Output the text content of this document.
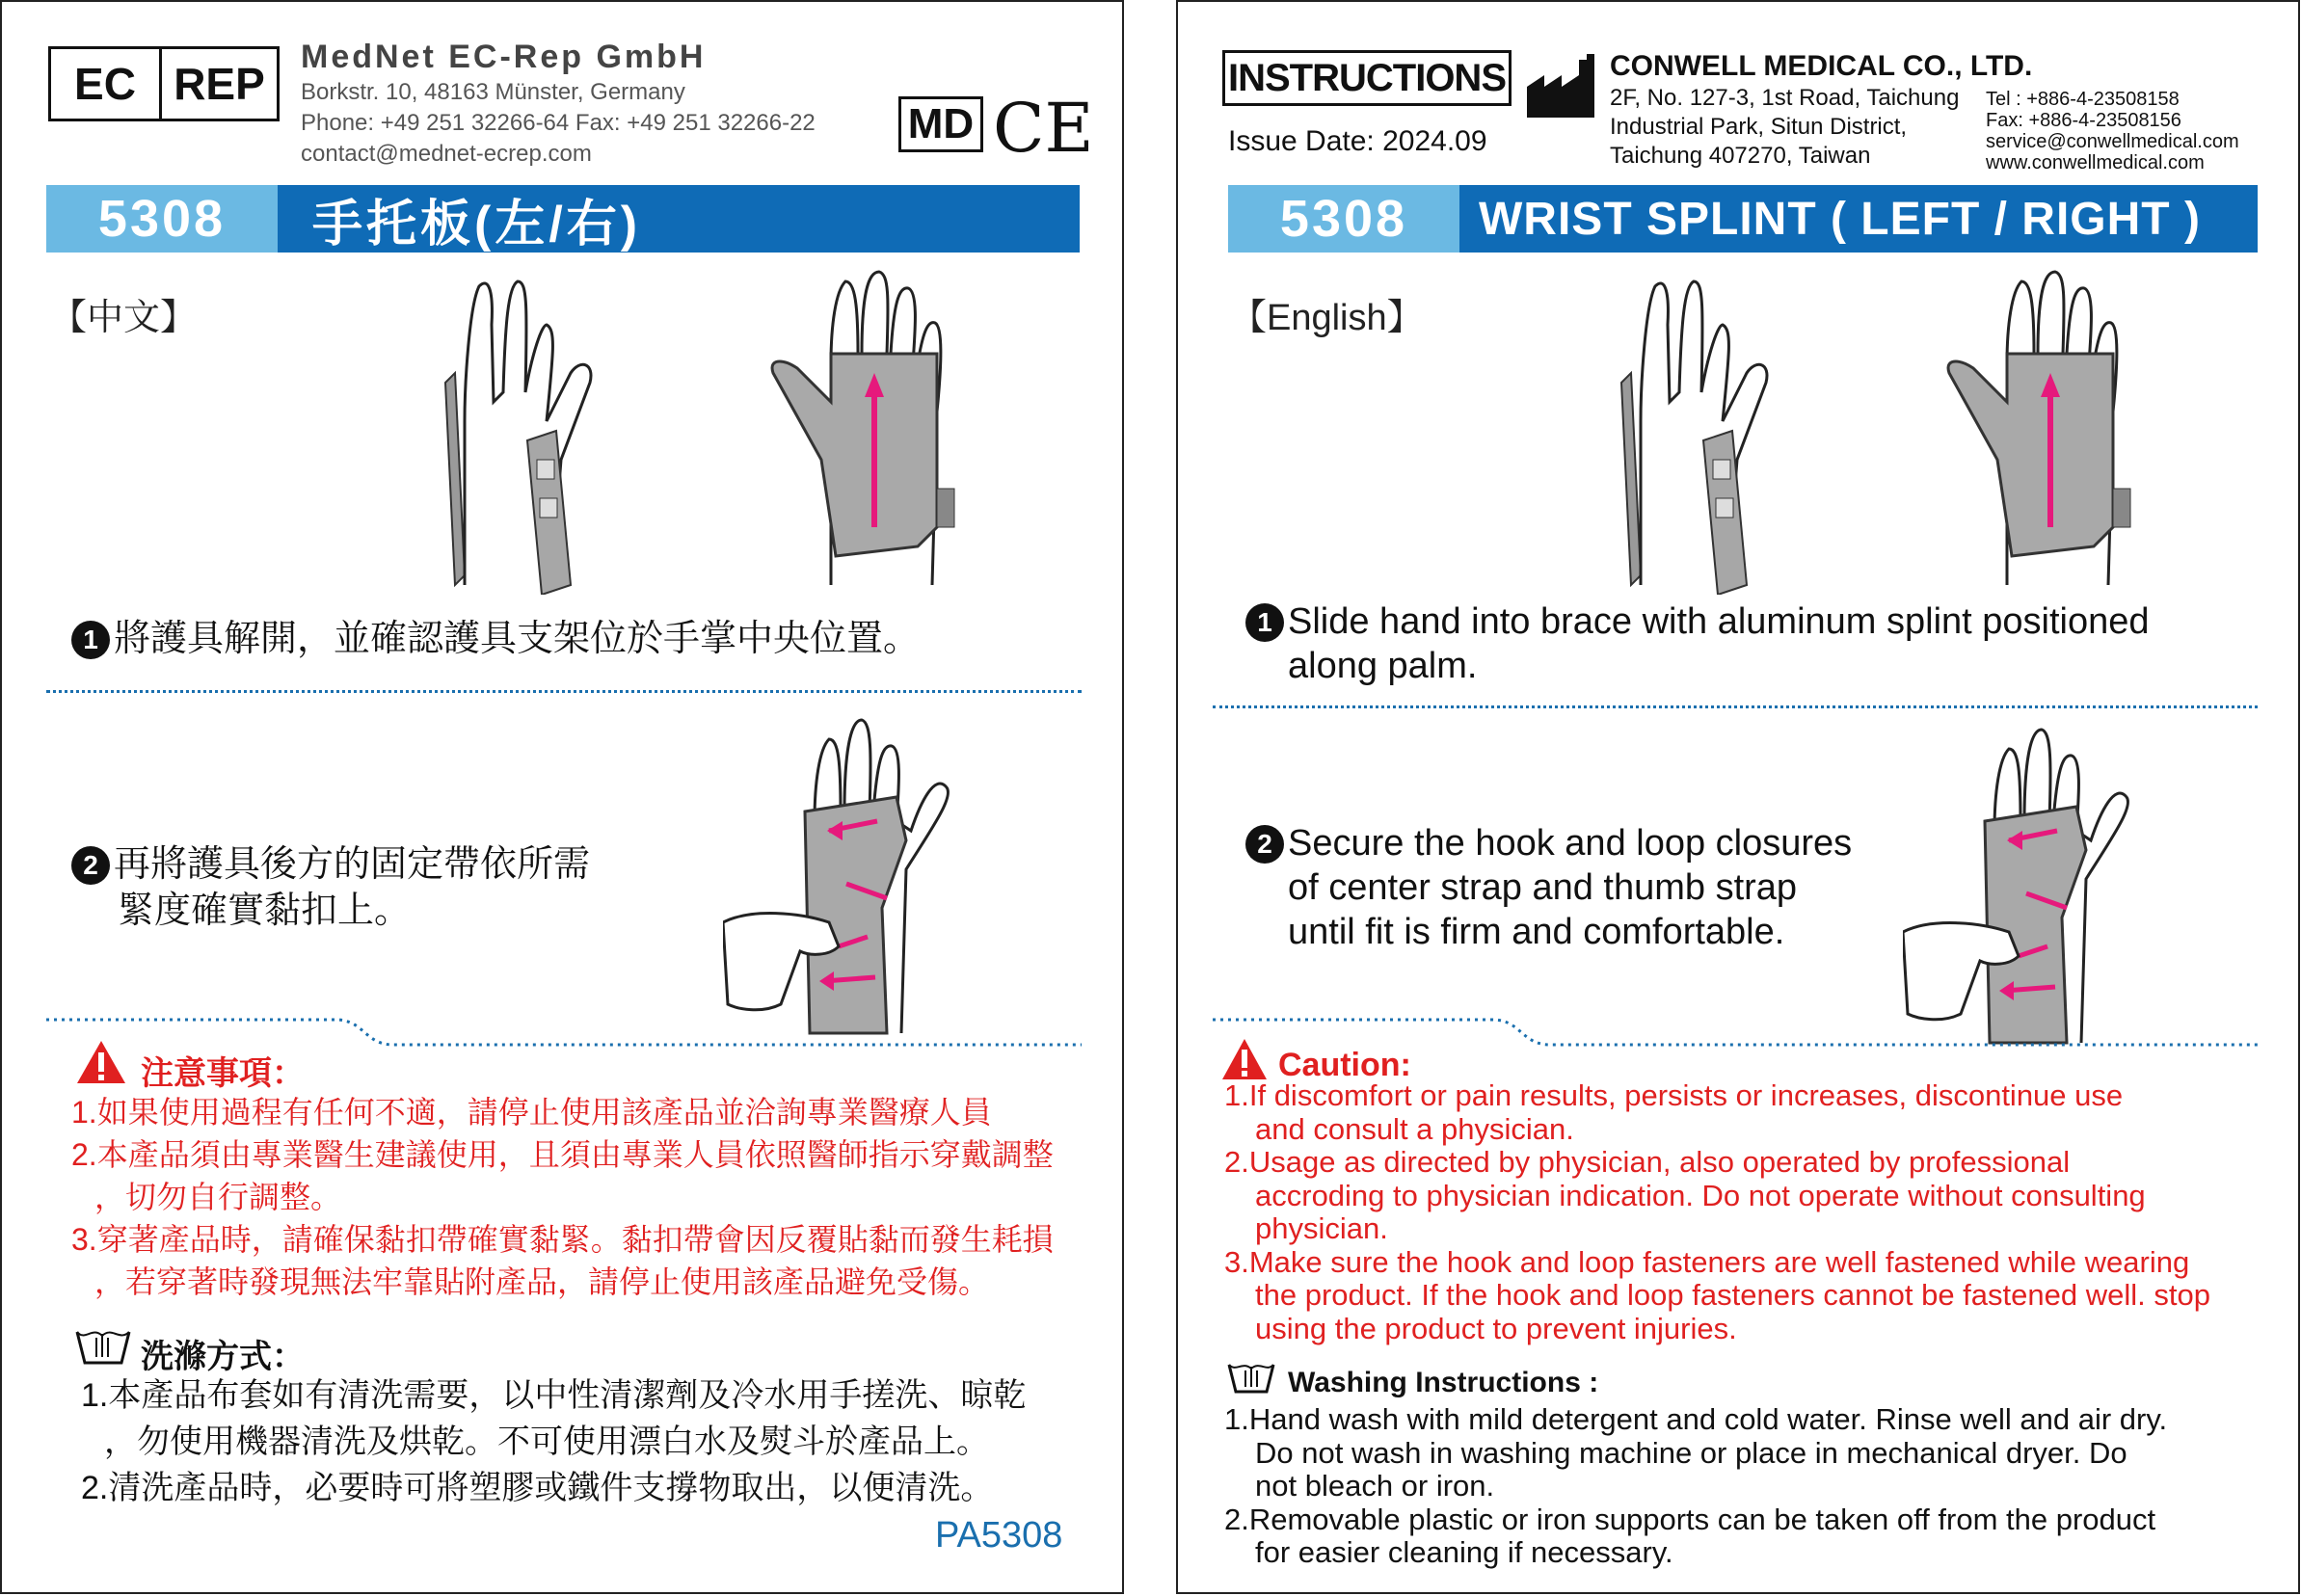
EC REP
MedNet EC-Rep GmbH
Borkstr. 10, 48163 Münster, Germany
Phone: +49 251 32266-64 Fax: +49 251 32266-22
contact@mednet-ecrep.com
MD CE
5308	手托板(左/右)
【中文】
1 將護具解開，並確認護具支架位於手掌中央位置。
2 再將護具後方的固定帶依所需
緊度確實黏扣上。
注意事項：
1.如果使用過程有任何不適，請停止使用該產品並洽詢專業醫療人員
2.本產品須由專業醫生建議使用，且須由專業人員依照醫師指示穿戴調整
，切勿自行調整。
3.穿著產品時，請確保黏扣帶確實黏緊。黏扣帶會因反覆貼黏而發生耗損
，若穿著時發現無法牢靠貼附產品，請停止使用該產品避免受傷。
洗滌方式：
1.本產品布套如有清洗需要，以中性清潔劑及冷水用手搓洗、晾乾
，勿使用機器清洗及烘乾。不可使用漂白水及熨斗於產品上。
2.清洗產品時，必要時可將塑膠或鐵件支撐物取出，以便清洗。
PA5308
INSTRUCTIONS
Issue Date: 2024.09
CONWELL MEDICAL CO., LTD.
2F, No. 127-3, 1st Road, Taichung
Industrial Park, Situn District,
Taichung 407270, Taiwan
Tel : +886-4-23508158
Fax: +886-4-23508156
service@conwellmedical.com
www.conwellmedical.com
5308	WRIST SPLINT ( LEFT / RIGHT )
【English】
1 Slide hand into brace with aluminum splint positioned
along palm.
2 Secure the hook and loop closures
of center strap and thumb strap
until fit is firm and comfortable.
Caution:
1.If discomfort or pain results, persists or increases, discontinue use
and consult a physician.
2.Usage as directed by physician, also operated by professional
accroding to physician indication. Do not operate without consulting
physician.
3.Make sure the hook and loop fasteners are well fastened while wearing
the product. If the hook and loop fasteners cannot be fastened well. stop
using the product to prevent injuries.
Washing Instructions :
1.Hand wash with mild detergent and cold water. Rinse well and air dry.
Do not wash in washing machine or place in mechanical dryer. Do
not bleach or iron.
2.Removable plastic or iron supports can be taken off from the product
for easier cleaning if necessary.
